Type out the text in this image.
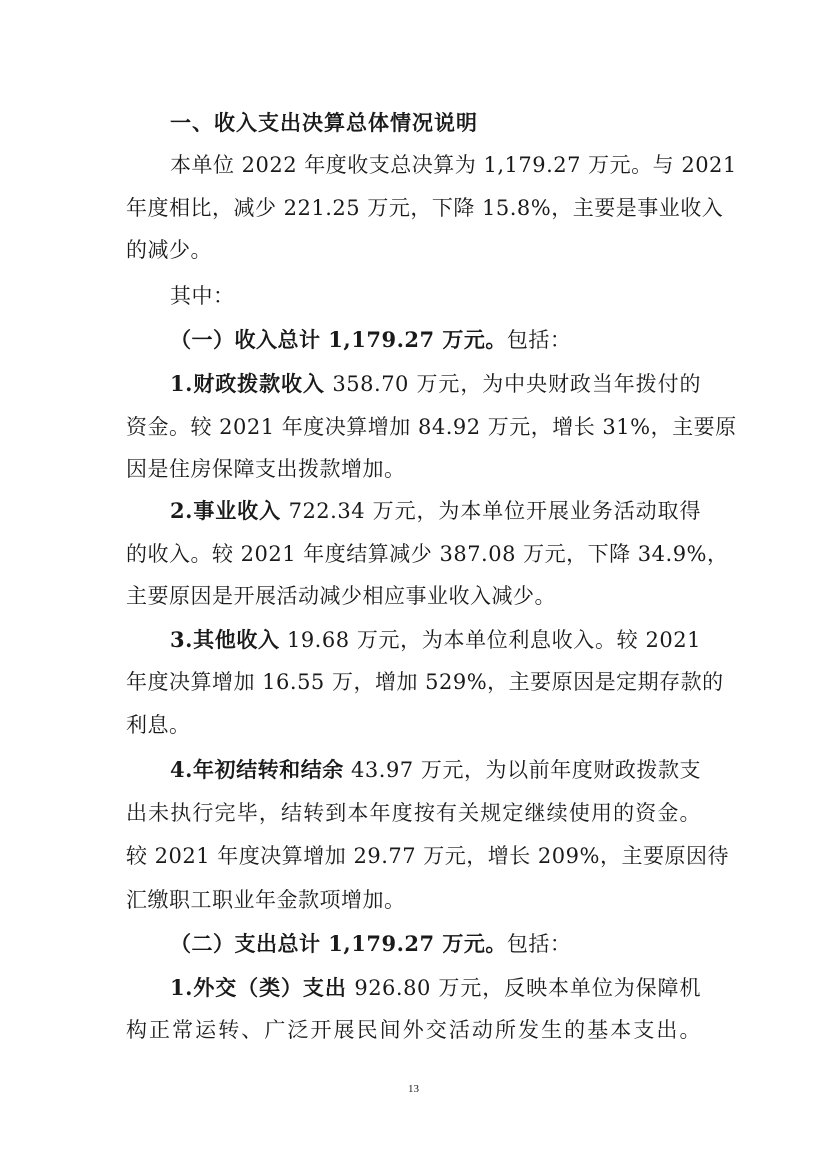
一、收入支出决算总体情况说明
本单位 2022 年度收支总决算为 1,179.27 万元。与 2021
年度相比，减少 221.25 万元，下降 15.8%，主要是事业收入
的减少。
其中：
（一）收入总计 1,179.27 万元。包括：
1.财政拨款收入 358.70 万元，为中央财政当年拨付的
资金。较 2021 年度决算增加 84.92 万元，增长 31%，主要原
因是住房保障支出拨款增加。
2.事业收入 722.34 万元，为本单位开展业务活动取得
的收入。较 2021 年度结算减少 387.08 万元，下降 34.9%，
主要原因是开展活动减少相应事业收入减少。
3.其他收入 19.68 万元，为本单位利息收入。较 2021
年度决算增加 16.55 万，增加 529%，主要原因是定期存款的
利息。
4.年初结转和结余 43.97 万元，为以前年度财政拨款支
出未执行完毕，结转到本年度按有关规定继续使用的资金。
较 2021 年度决算增加 29.77 万元，增长 209%，主要原因待
汇缴职工职业年金款项增加。
（二）支出总计 1,179.27 万元。包括：
1.外交（类）支出 926.80 万元，反映本单位为保障机
构正常运转、广泛开展民间外交活动所发生的基本支出。
13
